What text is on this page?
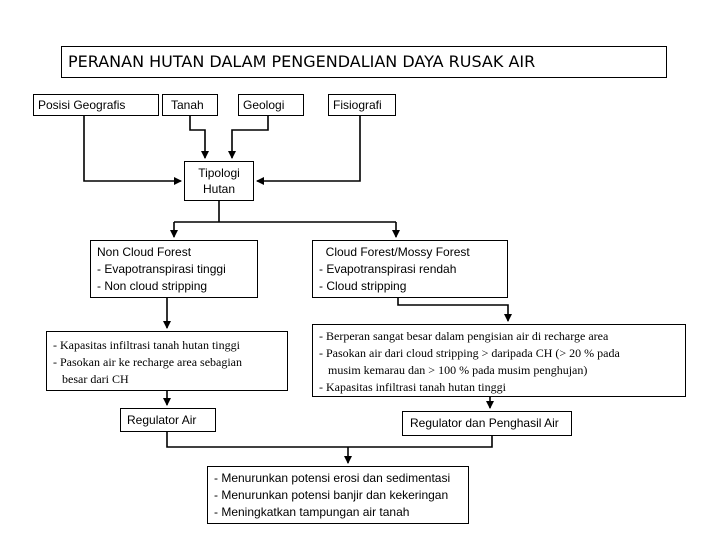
PERANAN HUTAN DALAM PENGENDALIAN DAYA RUSAK AIR
Posisi Geografis	Tanah	Geologi	Fisiografi
Tipologi
Hutan
Non Cloud Forest
- Evapotranspirasi tinggi
- Non cloud stripping
Cloud Forest/Mossy Forest
- Evapotranspirasi rendah
- Cloud stripping
- Kapasitas infiltrasi tanah hutan tinggi
- Pasokan air ke recharge area sebagian
besar dari CH
- Berperan sangat besar dalam pengisian air di recharge area
- Pasokan air dari cloud stripping > daripada CH (> 20 % pada
musim kemarau dan > 100 % pada musim penghujan)
- Kapasitas infiltrasi tanah hutan tinggi
Regulator Air	Regulator dan Penghasil Air
- Menurunkan potensi erosi dan sedimentasi
- Menurunkan potensi banjir dan kekeringan
- Meningkatkan tampungan air tanah
